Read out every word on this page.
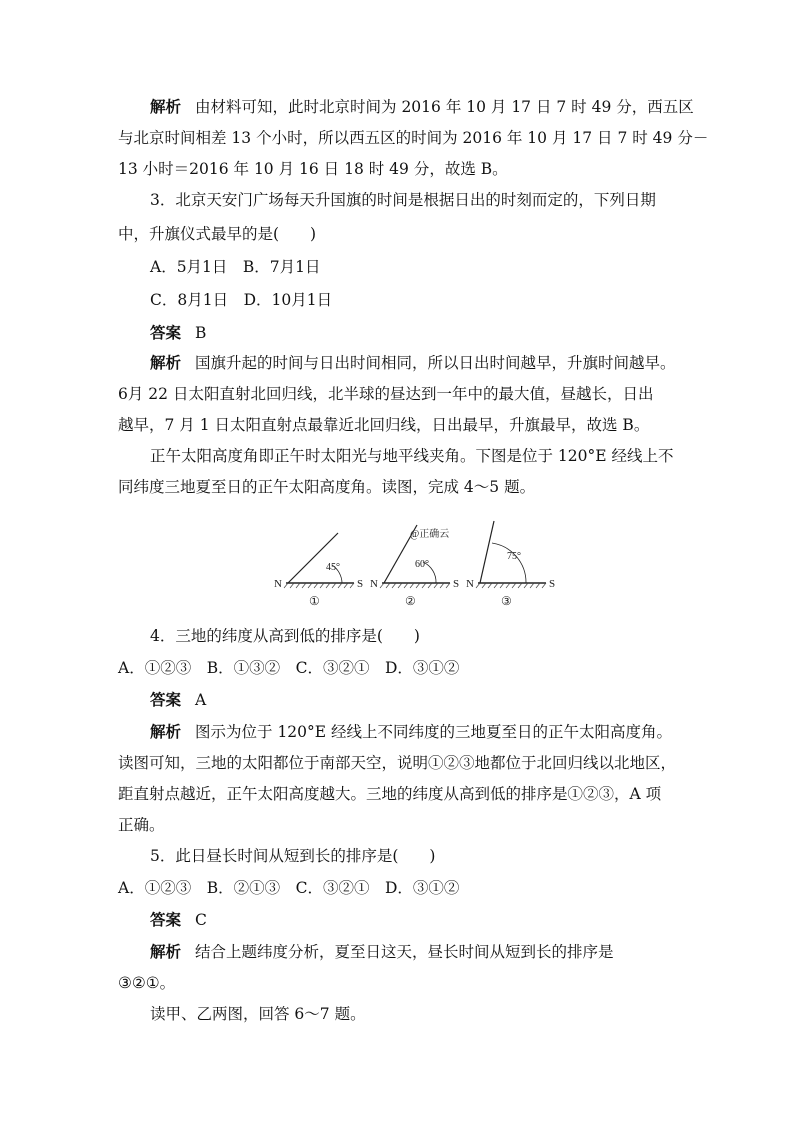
解析 由材料可知，此时北京时间为 2016 年 10 月 17 日 7 时 49 分，西五区
与北京时间相差 13 个小时，所以西五区的时间为 2016 年 10 月 17 日 7 时 49 分－
13 小时＝2016 年 10 月 16 日 18 时 49 分，故选 B。
3．北京天安门广场每天升国旗的时间是根据日出的时刻而定的，下列日期
中，升旗仪式最早的是(　　)
A．5月1日　B．7月1日
C．8月1日　D．10月1日
答案 B
解析 国旗升起的时间与日出时间相同，所以日出时间越早，升旗时间越早。
6月 22 日太阳直射北回归线，北半球的昼达到一年中的最大值，昼越长，日出
越早，7 月 1 日太阳直射点最靠近北回归线，日出最早，升旗最早，故选 B。
正午太阳高度角即正午时太阳光与地平线夹角。下图是位于 120°E 经线上不
同纬度三地夏至日的正午太阳高度角。读图，完成 4～5 题。
45°
N	S
①
60°
@正确云
N	S
②
75°
N	S
③
4．三地的纬度从高到低的排序是(　　)
A．①②③　B．①③②　C．③②①　D．③①②
答案 A
解析 图示为位于 120°E 经线上不同纬度的三地夏至日的正午太阳高度角。
读图可知，三地的太阳都位于南部天空，说明①②③地都位于北回归线以北地区，
距直射点越近，正午太阳高度越大。三地的纬度从高到低的排序是①②③，A 项
正确。
5．此日昼长时间从短到长的排序是(　　)
A．①②③　B．②①③　C．③②①　D．③①②
答案 C
解析 结合上题纬度分析，夏至日这天，昼长时间从短到长的排序是
③②①。
读甲、乙两图，回答 6～7 题。
